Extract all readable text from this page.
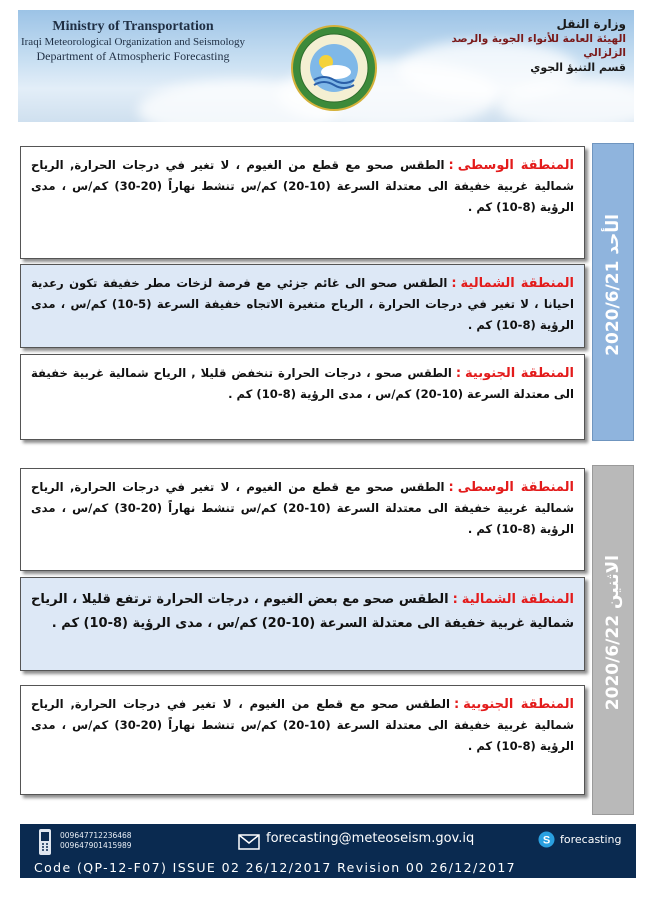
Ministry of Transportation
Iraqi Meteorological Organization and Seismology
Department of Atmospheric Forecasting
وزارة النقل
الهيئة العامة للأنواء الجوية والرصد الزلزالي
قسم التنبؤ الجوي
الأحد 2020/6/21
المنطقة الوسطى:الطقس صحو مع قطع من الغيوم ، لا تغير في درجات الحرارة, الرياح شمالية غربية خفيفة الى معتدلة السرعة (10-20) كم/س تنشط نهاراً (20-30) كم/س ، مدى الرؤية (8-10) كم .
المنطقة الشمالية:الطقس صحو الى غائم جزئي مع فرصة لزخات مطر خفيفة تكون رعدية احيانا ، لا تغير في درجات الحرارة ، الرياح متغيرة الاتجاه خفيفة السرعة (5-10) كم/س ، مدى الرؤية (8-10) كم .
المنطقة الجنوبية:الطقس صحو ، درجات الحرارة تنخفض قليلا , الرياح شمالية غربية خفيفة الى معتدلة السرعة (10-20) كم/س ، مدى الرؤية (8-10) كم .
الاثنين 2020/6/22
المنطقة الوسطى:الطقس صحو مع قطع من الغيوم ، لا تغير في درجات الحرارة, الرياح شمالية غربية خفيفة الى معتدلة السرعة (10-20) كم/س تنشط نهاراً (20-30) كم/س ، مدى الرؤية (8-10) كم .
المنطقة الشمالية:الطقس صحو مع بعض الغيوم ، درجات الحرارة ترتفع قليلا ، الرياح شمالية غربية خفيفة الى معتدلة السرعة (10-20) كم/س ، مدى الرؤية (8-10) كم .
المنطقة الجنوبية:الطقس صحو مع قطع من الغيوم ، لا تغير في درجات الحرارة, الرياح شمالية غربية خفيفة الى معتدلة السرعة (10-20) كم/س تنشط نهاراً (20-30) كم/س ، مدى الرؤية (8-10) كم .
009647712236468
009647901415989	forecasting@meteoseism.gov.iq	S forecasting
Code (QP-12-F07) ISSUE 02 26/12/2017 Revision 00 26/12/2017
